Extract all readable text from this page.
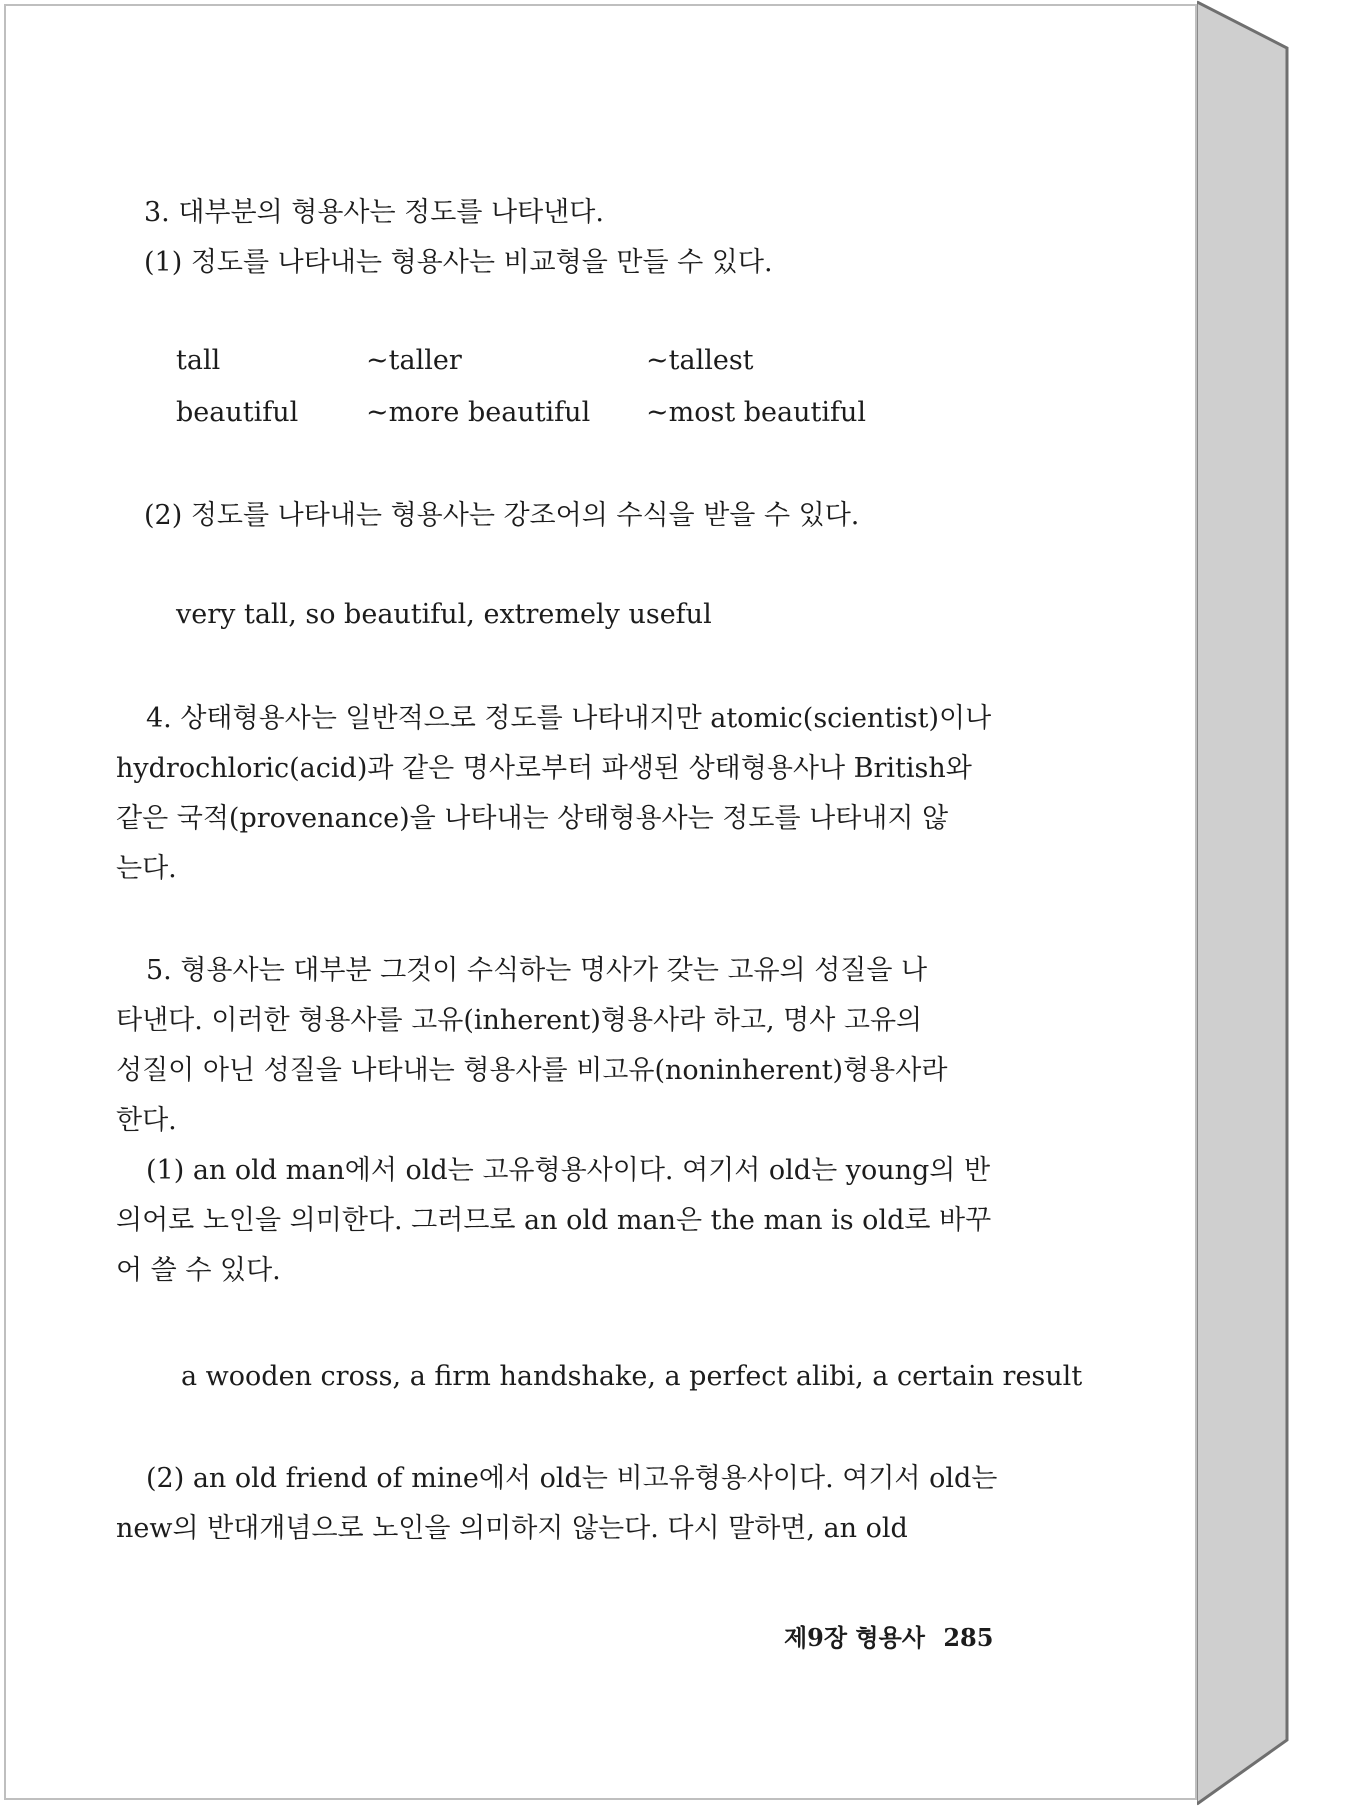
3. 대부분의 형용사는 정도를 나타낸다.
(1) 정도를 나타내는 형용사는 비교형을 만들 수 있다.
tall	~taller	~tallest
beautiful	~more beautiful ~most beautiful
(2) 정도를 나타내는 형용사는 강조어의 수식을 받을 수 있다.
very tall, so beautiful, extremely useful
4. 상태형용사는 일반적으로 정도를 나타내지만 atomic(scientist)이나
hydrochloric(acid)과 같은 명사로부터 파생된 상태형용사나 British와
같은 국적(provenance)을 나타내는 상태형용사는 정도를 나타내지 않
는다.
5. 형용사는 대부분 그것이 수식하는 명사가 갖는 고유의 성질을 나
타낸다. 이러한 형용사를 고유(inherent)형용사라 하고, 명사 고유의
성질이 아닌 성질을 나타내는 형용사를 비고유(noninherent)형용사라
한다.
(1) an old man에서 old는 고유형용사이다. 여기서 old는 young의 반
의어로 노인을 의미한다. 그러므로 an old man은 the man is old로 바꾸
어 쓸 수 있다.
a wooden cross, a firm handshake, a perfect alibi, a certain result
(2) an old friend of mine에서 old는 비고유형용사이다. 여기서 old는
new의 반대개념으로 노인을 의미하지 않는다. 다시 말하면, an old
제9장 형용사 285
